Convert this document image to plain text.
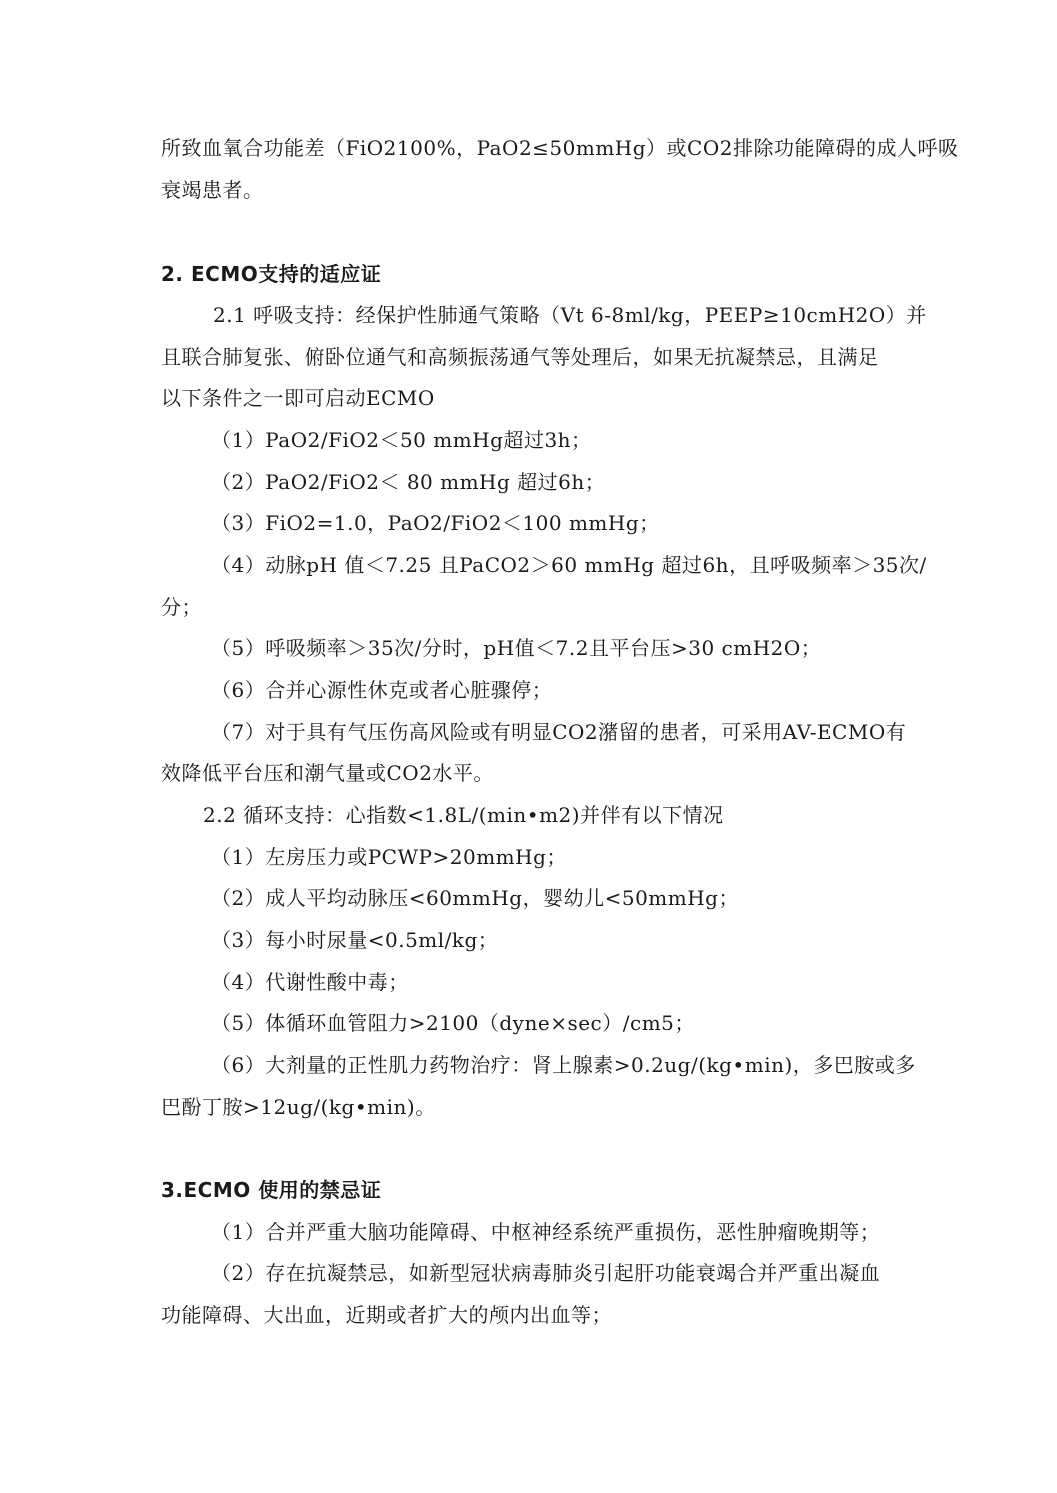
所致血氧合功能差（FiO2100%，PaO2≤50mmHg）或CO2排除功能障碍的成人呼吸
衰竭患者。
2. ECMO支持的适应证
2.1 呼吸支持：经保护性肺通气策略（Vt 6-8ml/kg，PEEP≥10cmH2O）并
且联合肺复张、俯卧位通气和高频振荡通气等处理后，如果无抗凝禁忌，且满足
以下条件之一即可启动ECMO
（1）PaO2/FiO2＜50 mmHg超过3h；
（2）PaO2/FiO2＜ 80 mmHg 超过6h；
（3）FiO2=1.0，PaO2/FiO2＜100 mmHg；
（4）动脉pH 值＜7.25 且PaCO2＞60 mmHg 超过6h，且呼吸频率＞35次/
分；
（5）呼吸频率＞35次/分时，pH值＜7.2且平台压>30 cmH2O；
（6）合并心源性休克或者心脏骤停；
（7）对于具有气压伤高风险或有明显CO2潴留的患者，可采用AV-ECMO有
效降低平台压和潮气量或CO2水平。
2.2 循环支持：心指数<1.8L/(min•m2)并伴有以下情况
（1）左房压力或PCWP>20mmHg；
（2）成人平均动脉压<60mmHg，婴幼儿<50mmHg；
（3）每小时尿量<0.5ml/kg；
（4）代谢性酸中毒；
（5）体循环血管阻力>2100（dyne×sec）/cm5；
（6）大剂量的正性肌力药物治疗：肾上腺素>0.2ug/(kg•min)，多巴胺或多
巴酚丁胺>12ug/(kg•min)。
3.ECMO 使用的禁忌证
（1）合并严重大脑功能障碍、中枢神经系统严重损伤，恶性肿瘤晚期等；
（2）存在抗凝禁忌，如新型冠状病毒肺炎引起肝功能衰竭合并严重出凝血
功能障碍、大出血，近期或者扩大的颅内出血等；
